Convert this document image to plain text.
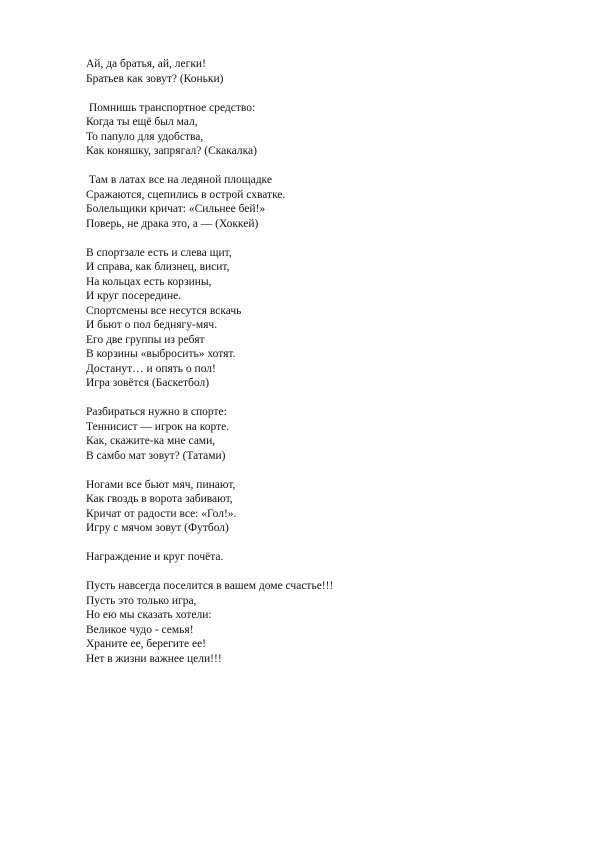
Ай, да братья, ай, легки!
Братьев как зовут? (Коньки)
Помнишь транспортное средство:
Когда ты ещё был мал,
То папуло для удобства,
Как коняшку, запрягал? (Скакалка)
Там в латах все на ледяной площадке
Сражаются, сцепились в острой схватке.
Болельщики кричат: «Сильнее бей!»
Поверь, не драка это, а — (Хоккей)
В спортзале есть и слева щит,
И справа, как близнец, висит,
На кольцах есть корзины,
И круг посередине.
Спортсмены все несутся вскачь
И бьют о пол беднягу-мяч.
Его две группы из ребят
В корзины «выбросить» хотят.
Достанут… и опять о пол!
Игра зовётся (Баскетбол)
Разбираться нужно в спорте:
Теннисист — игрок на корте.
Как, скажите-ка мне сами,
В самбо мат зовут? (Татами)
Ногами все бьют мяч, пинают,
Как гвоздь в ворота забивают,
Кричат от радости все: «Гол!».
Игру с мячом зовут (Футбол)
Награждение и круг почёта.
Пусть навсегда поселится в вашем доме счастье!!!
Пусть это только игра,
Но ею мы сказать хотели:
Великое чудо - семья!
Храните ее, берегите ее!
Нет в жизни важнее цели!!!
